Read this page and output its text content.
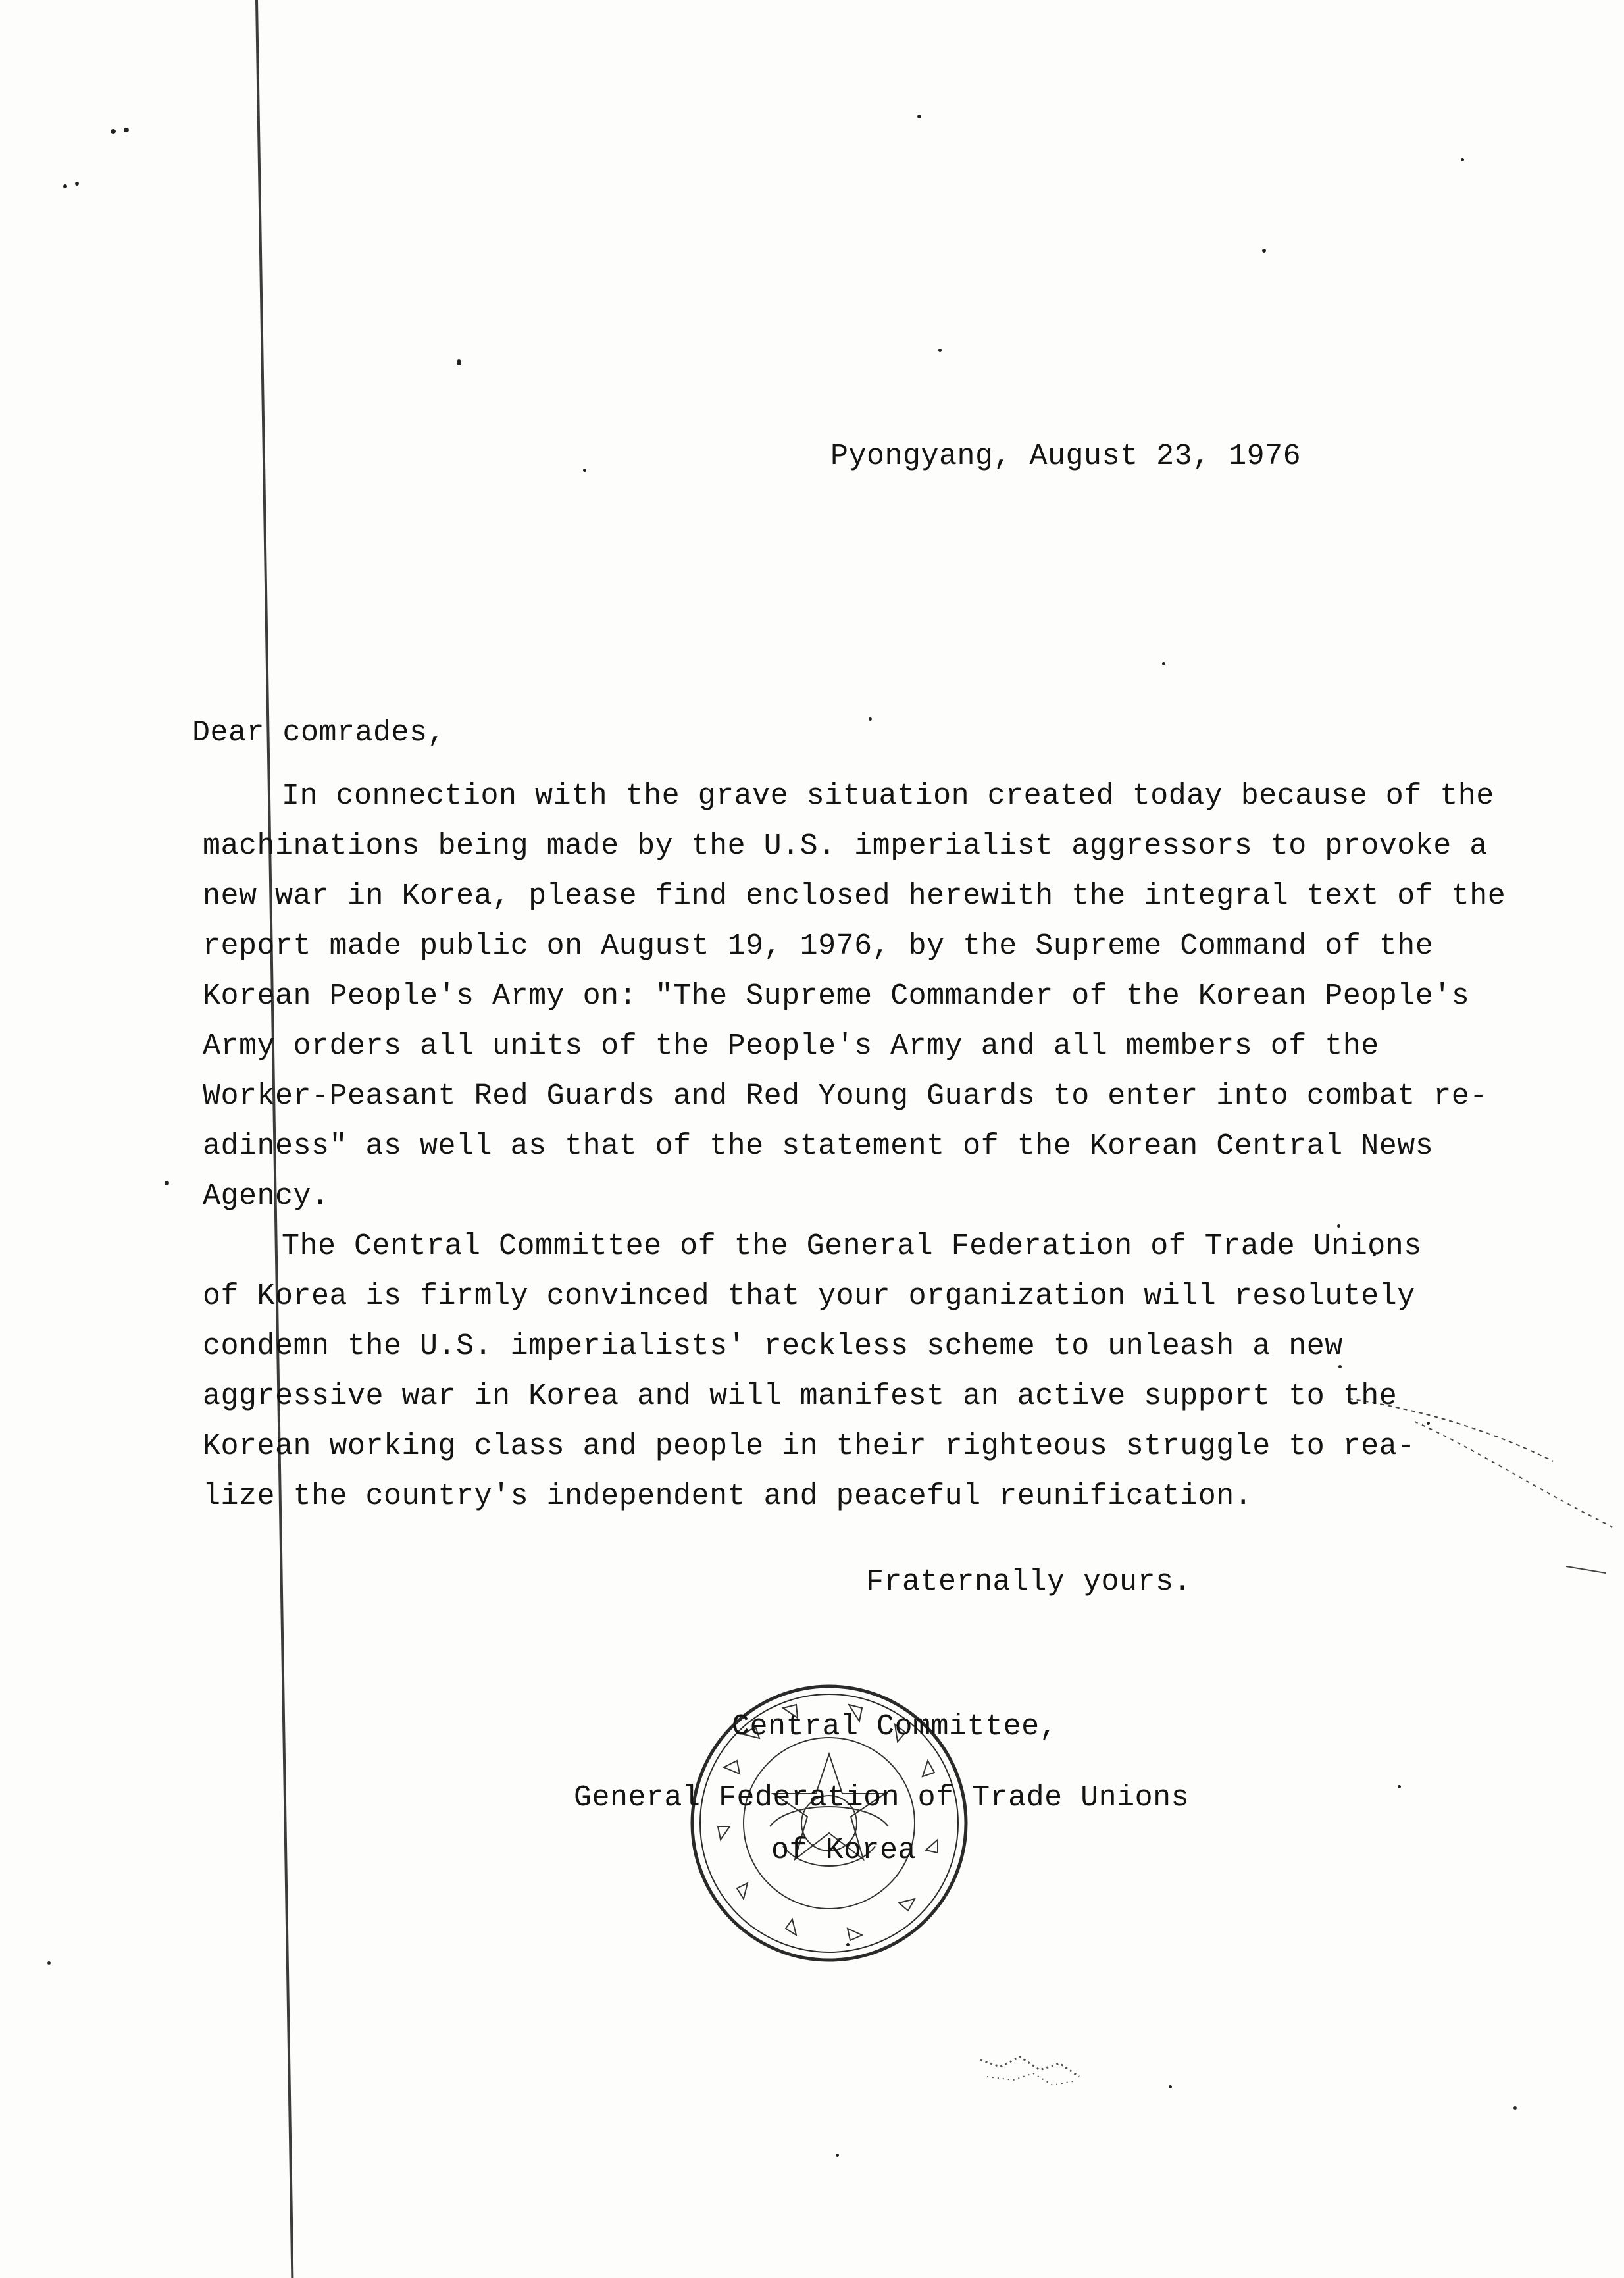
Pyongyang, August 23, 1976
Dear comrades,
In connection with the grave situation created today because of the
machinations being made by the U.S. imperialist aggressors to provoke a
new war in Korea, please find enclosed herewith the integral text of the
report made public on August 19, 1976, by the Supreme Command of the
Korean People's Army on: "The Supreme Commander of the Korean People's
Army orders all units of the People's Army and all members of the
Worker-Peasant Red Guards and Red Young Guards to enter into combat re-
adiness" as well as that of the statement of the Korean Central News
Agency.
The Central Committee of the General Federation of Trade Unions
of Korea is firmly convinced that your organization will resolutely
condemn the U.S. imperialists' reckless scheme to unleash a new
aggressive war in Korea and will manifest an active support to the
Korean working class and people in their righteous struggle to rea-
lize the country's independent and peaceful reunification.
Fraternally yours.
Central Committee,
General Federation of Trade Unions
of Korea
